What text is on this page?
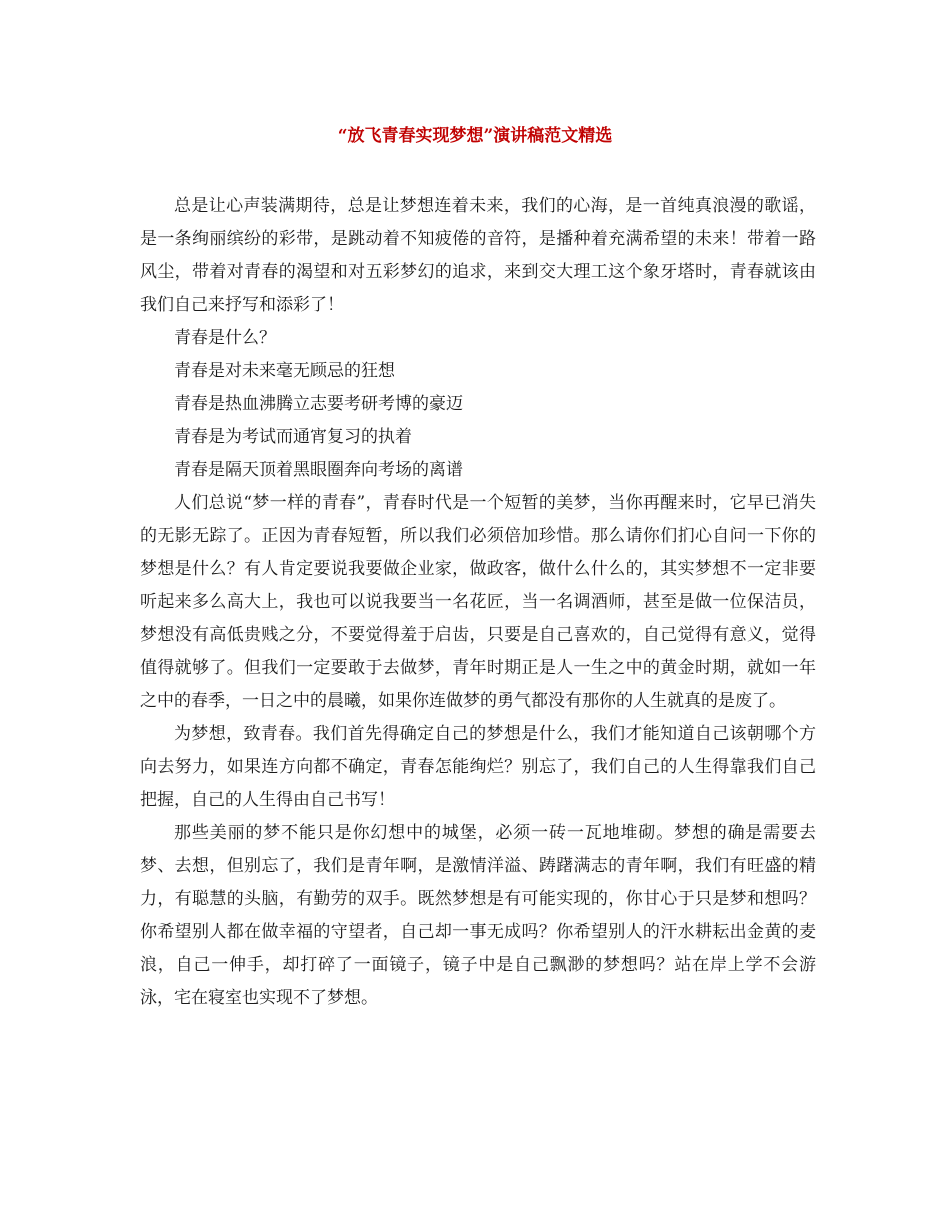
“放飞青春实现梦想”演讲稿范文精选

总是让心声装满期待，总是让梦想连着未来，我们的心海，是一首纯真浪漫的歌谣，是一条绚丽缤纷的彩带，是跳动着不知疲倦的音符，是播种着充满希望的未来！带着一路风尘，带着对青春的渴望和对五彩梦幻的追求，来到交大理工这个象牙塔时，青春就该由我们自己来抒写和添彩了！

青春是什么？

青春是对未来毫无顾忌的狂想

青春是热血沸腾立志要考研考博的豪迈

青春是为考试而通宵复习的执着

青春是隔天顶着黑眼圈奔向考场的离谱

人们总说“梦一样的青春”，青春时代是一个短暂的美梦，当你再醒来时，它早已消失的无影无踪了。正因为青春短暂，所以我们必须倍加珍惜。那么请你们扪心自问一下你的梦想是什么？有人肯定要说我要做企业家，做政客，做什么什么的，其实梦想不一定非要听起来多么高大上，我也可以说我要当一名花匠，当一名调酒师，甚至是做一位保洁员，梦想没有高低贵贱之分，不要觉得羞于启齿，只要是自己喜欢的，自己觉得有意义，觉得值得就够了。但我们一定要敢于去做梦，青年时期正是人一生之中的黄金时期，就如一年之中的春季，一日之中的晨曦，如果你连做梦的勇气都没有那你的人生就真的是废了。

为梦想，致青春。我们首先得确定自己的梦想是什么，我们才能知道自己该朝哪个方向去努力，如果连方向都不确定，青春怎能绚烂？别忘了，我们自己的人生得靠我们自己把握，自己的人生得由自己书写！

那些美丽的梦不能只是你幻想中的城堡，必须一砖一瓦地堆砌。梦想的确是需要去梦、去想，但别忘了，我们是青年啊，是激情洋溢、踌躇满志的青年啊，我们有旺盛的精力，有聪慧的头脑，有勤劳的双手。既然梦想是有可能实现的，你甘心于只是梦和想吗？你希望别人都在做幸福的守望者，自己却一事无成吗？你希望别人的汗水耕耘出金黄的麦浪，自己一伸手，却打碎了一面镜子，镜子中是自己飘渺的梦想吗？站在岸上学不会游泳，宅在寝室也实现不了梦想。
